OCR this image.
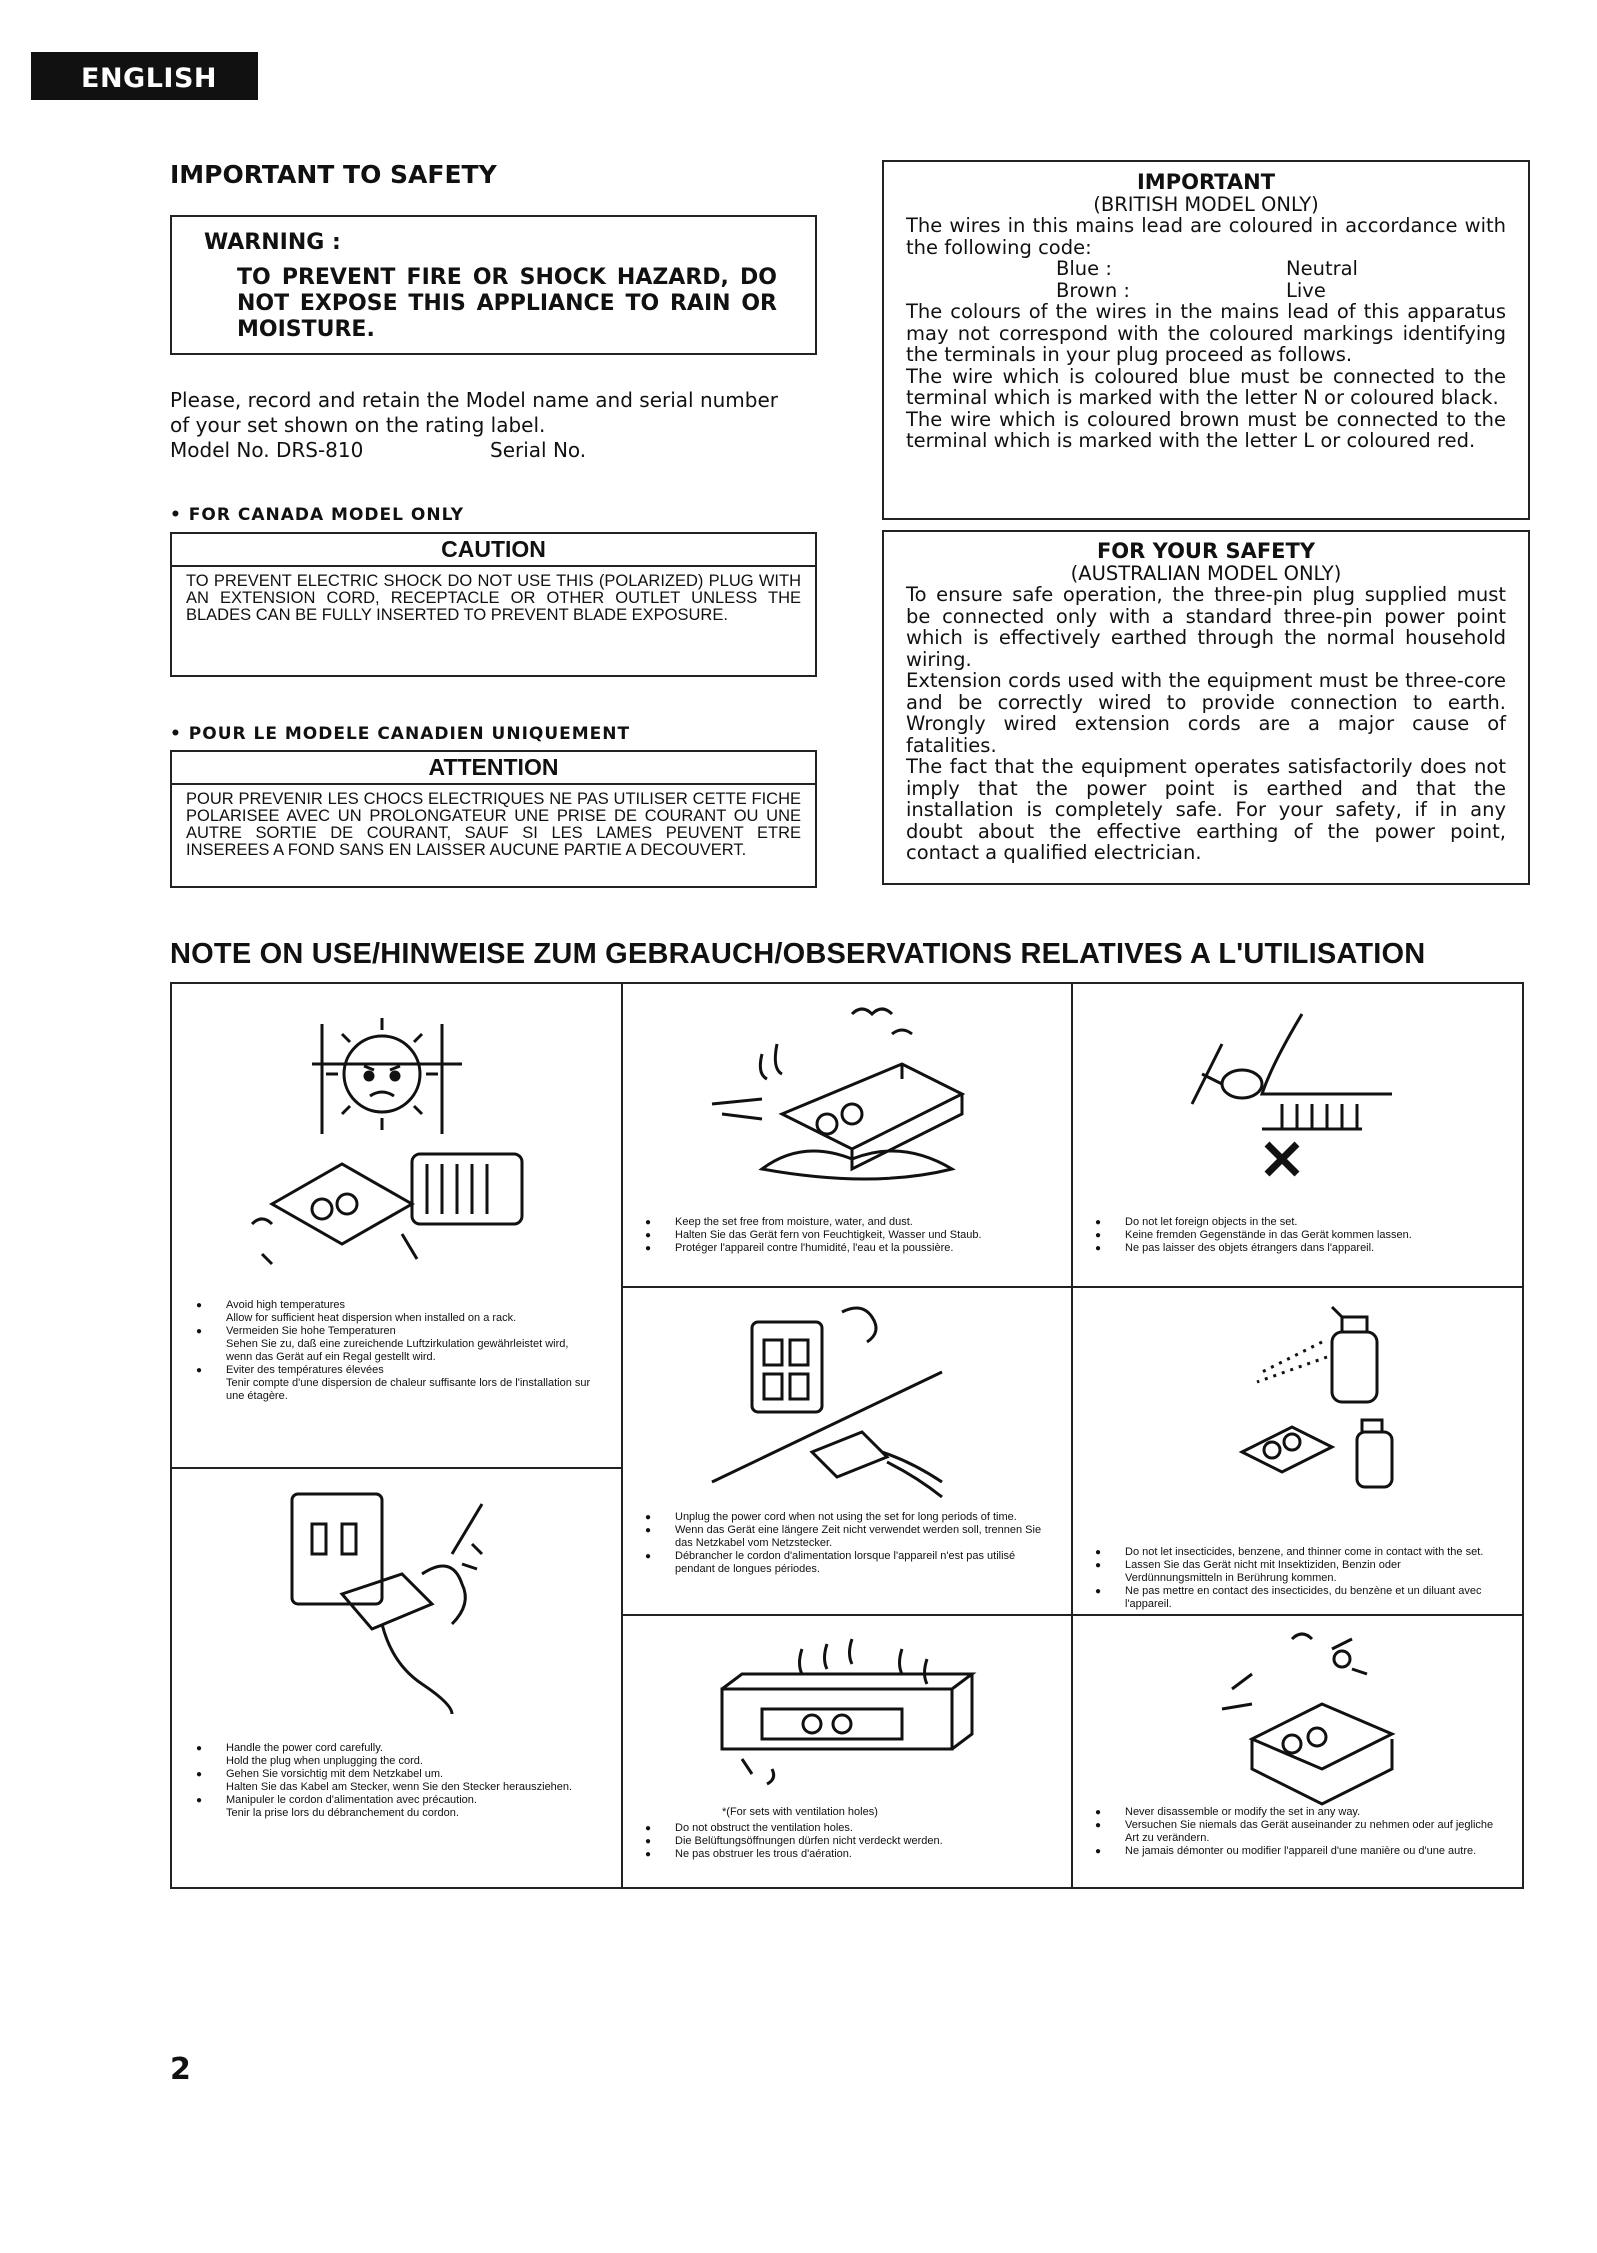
ENGLISH
IMPORTANT TO SAFETY
WARNING :
TO PREVENT FIRE OR SHOCK HAZARD, DO NOT EXPOSE THIS APPLIANCE TO RAIN OR MOISTURE.
Please, record and retain the Model name and serial number
of your set shown on the rating label.
Model No. DRS-810	Serial No.
• FOR CANADA MODEL ONLY
CAUTION
TO PREVENT ELECTRIC SHOCK DO NOT USE THIS (POLARIZED) PLUG WITH AN EXTENSION CORD, RECEPTACLE OR OTHER OUTLET UNLESS THE BLADES CAN BE FULLY INSERTED TO PREVENT BLADE EXPOSURE.
• POUR LE MODELE CANADIEN UNIQUEMENT
ATTENTION
POUR PREVENIR LES CHOCS ELECTRIQUES NE PAS UTILISER CETTE FICHE POLARISEE AVEC UN PROLONGATEUR UNE PRISE DE COURANT OU UNE AUTRE SORTIE DE COURANT, SAUF SI LES LAMES PEUVENT ETRE INSEREES A FOND SANS EN LAISSER AUCUNE PARTIE A DECOUVERT.
IMPORTANT
(BRITISH MODEL ONLY)

The wires in this mains lead are coloured in accordance with the following code:

Blue :	Neutral
Brown :	Live

The colours of the wires in the mains lead of this apparatus may not correspond with the coloured markings identifying the terminals in your plug proceed as follows.

The wire which is coloured blue must be connected to the terminal which is marked with the letter N or coloured black.

The wire which is coloured brown must be connected to the terminal which is marked with the letter L or coloured red.

FOR YOUR SAFETY
(AUSTRALIAN MODEL ONLY)

To ensure safe operation, the three-pin plug supplied must be connected only with a standard three-pin power point which is effectively earthed through the normal household wiring.

Extension cords used with the equipment must be three-core and be correctly wired to provide connection to earth. Wrongly wired extension cords are a major cause of fatalities.

The fact that the equipment operates satisfactorily does not imply that the power point is earthed and that the installation is completely safe. For your safety, if in any doubt about the effective earthing of the power point, contact a qualified electrician.

NOTE ON USE/HINWEISE ZUM GEBRAUCH/OBSERVATIONS RELATIVES A L'UTILISATION
● Avoid high temperatures
Allow for sufficient heat dispersion when installed on a rack.
● Vermeiden Sie hohe Temperaturen
Sehen Sie zu, daß eine zureichende Luftzirkulation gewährleistet wird, wenn das Gerät auf ein Regal gestellt wird.
● Eviter des températures élevées
Tenir compte d'une dispersion de chaleur suffisante lors de l'installation sur une étagère.
● Handle the power cord carefully.
Hold the plug when unplugging the cord.
● Gehen Sie vorsichtig mit dem Netzkabel um.
Halten Sie das Kabel am Stecker, wenn Sie den Stecker herausziehen.
● Manipuler le cordon d'alimentation avec précaution.
Tenir la prise lors du débranchement du cordon.
● Keep the set free from moisture, water, and dust.
● Halten Sie das Gerät fern von Feuchtigkeit, Wasser und Staub.
● Protéger l'appareil contre l'humidité, l'eau et la poussière.
● Unplug the power cord when not using the set for long periods of time.
● Wenn das Gerät eine längere Zeit nicht verwendet werden soll, trennen Sie das Netzkabel vom Netzstecker.
● Débrancher le cordon d'alimentation lorsque l'appareil n'est pas utilisé pendant de longues périodes.
*(For sets with ventilation holes)
● Do not obstruct the ventilation holes.
● Die Belüftungsöffnungen dürfen nicht verdeckt werden.
● Ne pas obstruer les trous d'aération.
● Do not let foreign objects in the set.
● Keine fremden Gegenstände in das Gerät kommen lassen.
● Ne pas laisser des objets étrangers dans l'appareil.
● Do not let insecticides, benzene, and thinner come in contact with the set.
● Lassen Sie das Gerät nicht mit Insektiziden, Benzin oder Verdünnungsmitteln in Berührung kommen.
● Ne pas mettre en contact des insecticides, du benzène et un diluant avec l'appareil.
● Never disassemble or modify the set in any way.
● Versuchen Sie niemals das Gerät auseinander zu nehmen oder auf jegliche Art zu verändern.
● Ne jamais démonter ou modifier l'appareil d'une manière ou d'une autre.
2
